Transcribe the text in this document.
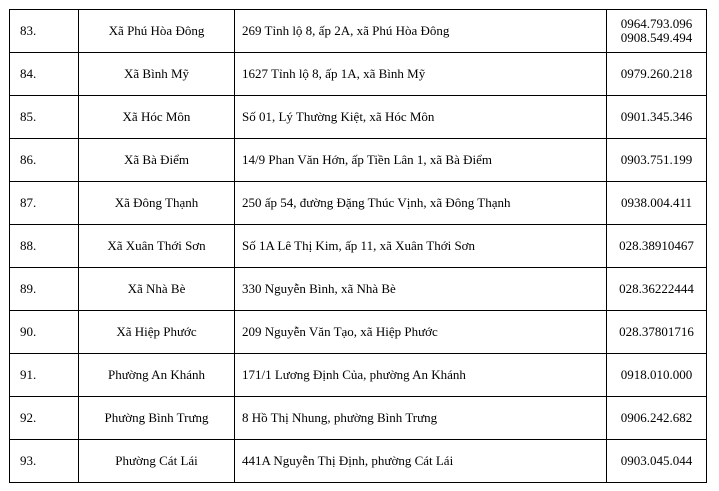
83.	Xã Phú Hòa Đông	269 Tỉnh lộ 8, ấp 2A, xã Phú Hòa Đông	0964.793.096
0908.549.494

84.	Xã Bình Mỹ	1627 Tỉnh lộ 8, ấp 1A, xã Bình Mỹ	0979.260.218

85.	Xã Hóc Môn	Số 01, Lý Thường Kiệt, xã Hóc Môn	0901.345.346

86.	Xã Bà Điểm	14/9 Phan Văn Hớn, ấp Tiền Lân 1, xã Bà Điểm	0903.751.199

87.	Xã Đông Thạnh	250 ấp 54, đường Đặng Thúc Vịnh, xã Đông Thạnh	0938.004.411

88.	Xã Xuân Thới Sơn	Số 1A Lê Thị Kim, ấp 11, xã Xuân Thới Sơn	028.38910467

89.	Xã Nhà Bè	330 Nguyễn Bình, xã Nhà Bè	028.36222444

90.	Xã Hiệp Phước	209 Nguyễn Văn Tạo, xã Hiệp Phước	028.37801716

91.	Phường An Khánh	171/1 Lương Định Của, phường An Khánh	0918.010.000

92.	Phường Bình Trưng	8 Hồ Thị Nhung, phường Bình Trưng	0906.242.682

93.	Phường Cát Lái	441A Nguyễn Thị Định, phường Cát Lái	0903.045.044
